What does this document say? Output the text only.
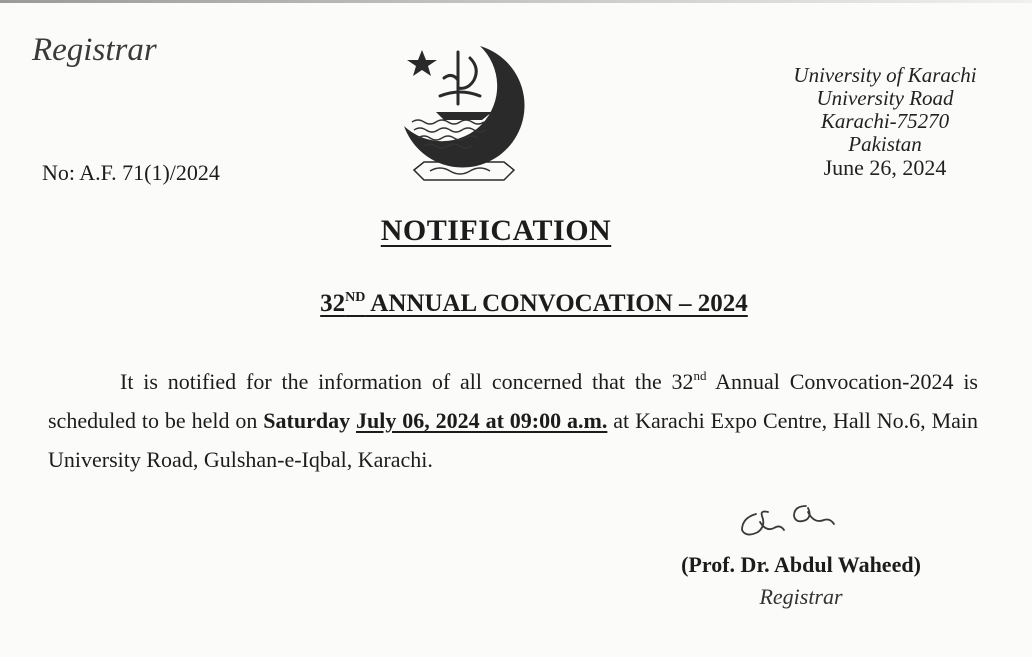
Registrar
No: A.F. 71(1)/2024
University of Karachi
University Road
Karachi-75270
Pakistan
June 26, 2024
NOTIFICATION
32ND ANNUAL CONVOCATION – 2024
It is notified for the information of all concerned that the 32nd Annual Convocation-2024 is scheduled to be held on Saturday July 06, 2024 at 09:00 a.m. at Karachi Expo Centre, Hall No.6, Main University Road, Gulshan-e-Iqbal, Karachi.
(Prof. Dr. Abdul Waheed)
Registrar
